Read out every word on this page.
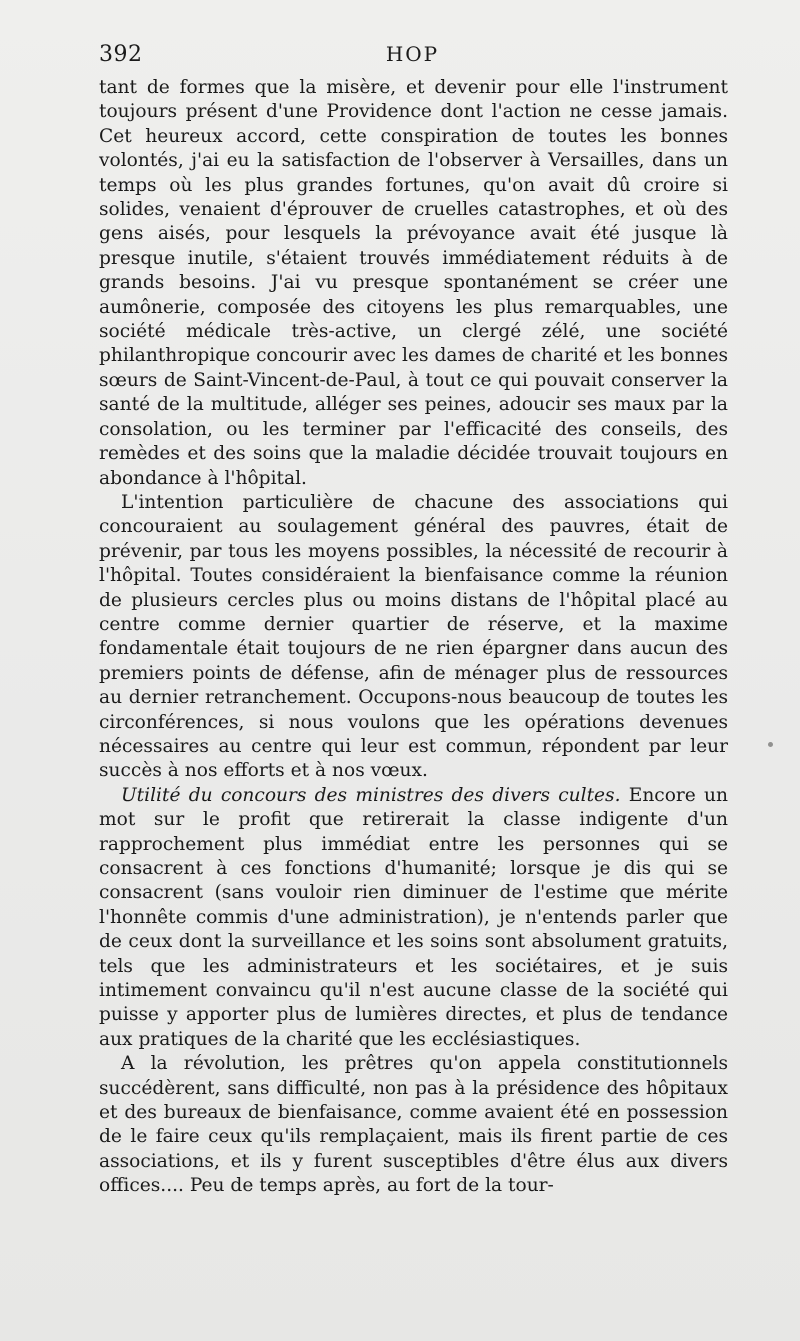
392	HOP

tant de formes que la misère, et devenir pour elle l'instrument toujours présent d'une Providence dont l'action ne cesse jamais. Cet heureux accord, cette conspiration de toutes les bonnes volontés, j'ai eu la satisfaction de l'observer à Versailles, dans un temps où les plus grandes fortunes, qu'on avait dû croire si solides, venaient d'éprouver de cruelles catastrophes, et où des gens aisés, pour lesquels la prévoyance avait été jusque là presque inutile, s'étaient trouvés immédiatement réduits à de grands besoins. J'ai vu presque spontanément se créer une aumônerie, composée des citoyens les plus remarquables, une société médicale très-active, un clergé zélé, une société philanthropique concourir avec les dames de charité et les bonnes sœurs de Saint-Vincent-de-Paul, à tout ce qui pouvait conserver la santé de la multitude, alléger ses peines, adoucir ses maux par la consolation, ou les terminer par l'efficacité des conseils, des remèdes et des soins que la maladie décidée trouvait toujours en abondance à l'hôpital.

L'intention particulière de chacune des associations qui concouraient au soulagement général des pauvres, était de prévenir, par tous les moyens possibles, la nécessité de recourir à l'hôpital. Toutes considéraient la bienfaisance comme la réunion de plusieurs cercles plus ou moins distans de l'hôpital placé au centre comme dernier quartier de réserve, et la maxime fondamentale était toujours de ne rien épargner dans aucun des premiers points de défense, afin de ménager plus de ressources au dernier retranchement. Occupons-nous beaucoup de toutes les circonférences, si nous voulons que les opérations devenues nécessaires au centre qui leur est commun, répondent par leur succès à nos efforts et à nos vœux.

Utilité du concours des ministres des divers cultes. Encore un mot sur le profit que retirerait la classe indigente d'un rapprochement plus immédiat entre les personnes qui se consacrent à ces fonctions d'humanité; lorsque je dis qui se consacrent (sans vouloir rien diminuer de l'estime que mérite l'honnête commis d'une administration), je n'entends parler que de ceux dont la surveillance et les soins sont absolument gratuits, tels que les administrateurs et les sociétaires, et je suis intimement convaincu qu'il n'est aucune classe de la société qui puisse y apporter plus de lumières directes, et plus de tendance aux pratiques de la charité que les ecclésiastiques.

A la révolution, les prêtres qu'on appela constitutionnels succédèrent, sans difficulté, non pas à la présidence des hôpitaux et des bureaux de bienfaisance, comme avaient été en possession de le faire ceux qu'ils remplaçaient, mais ils firent partie de ces associations, et ils y furent susceptibles d'être élus aux divers offices.... Peu de temps après, au fort de la tour-
